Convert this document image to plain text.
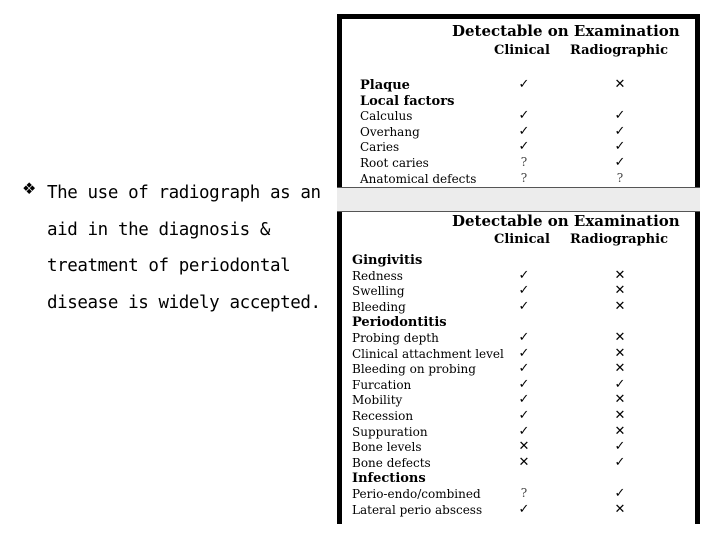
❖ The use of radiograph as an
aid in the diagnosis &
treatment of periodontal
disease is widely accepted.
Detectable on Examination
Clinical Radiographic
Plaque	✓	✕
Local factors
Calculus	✓	✓
Overhang	✓	✓
Caries	✓	✓
Root caries	?	✓
Anatomical defects	?	?
Detectable on Examination
Clinical Radiographic
Gingivitis
Redness	✓	✕
Swelling	✓	✕
Bleeding	✓	✕
Periodontitis
Probing depth	✓	✕
Clinical attachment level ✓	✕
Bleeding on probing	✓	✕
Furcation	✓	✓
Mobility	✓	✕
Recession	✓	✕
Suppuration	✓	✕
Bone levels	✕	✓
Bone defects	✕	✓
Infections
Perio-endo/combined	?	✓
Lateral perio abscess	✓	✕
